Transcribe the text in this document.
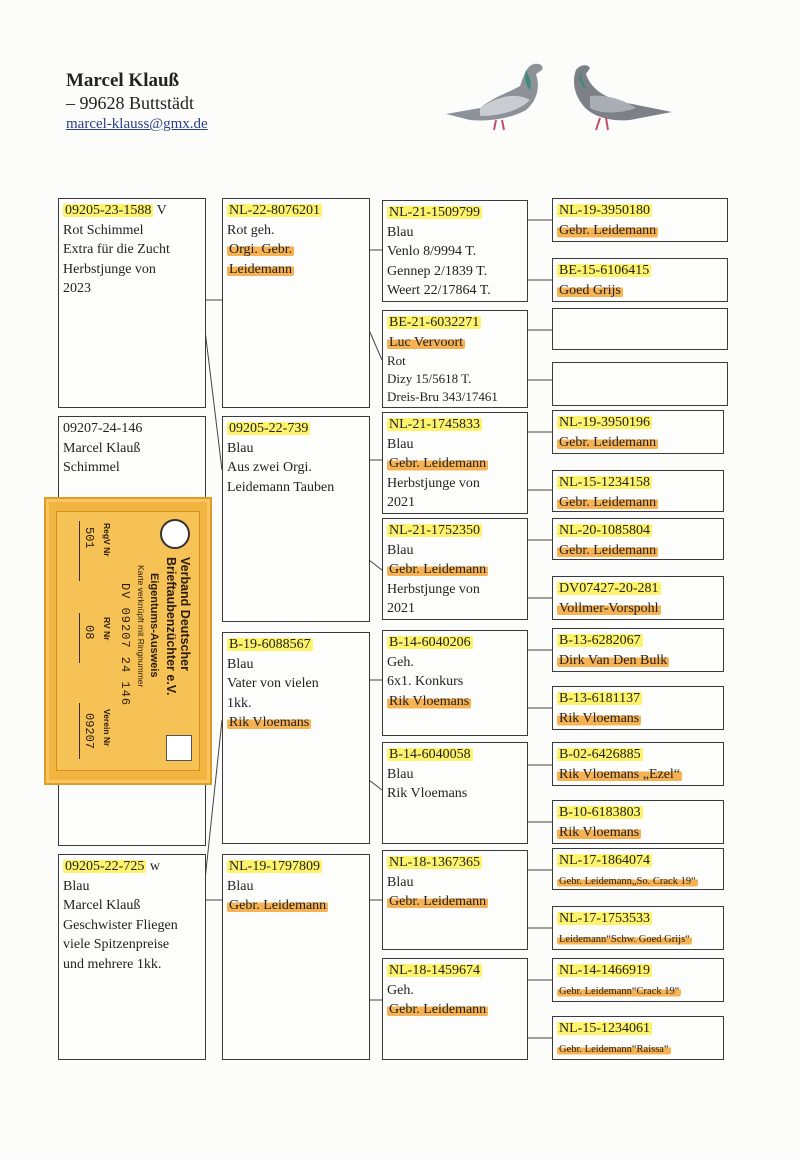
Marcel Klauß
– 99628 Buttstädt
marcel-klauss@gmx.de
09205-23-1588 V
Rot Schimmel
Extra für die Zucht
Herbstjunge von
2023
09207-24-146
Marcel Klauß
Schimmel
09205-22-725 w
Blau
Marcel Klauß
Geschwister Fliegen
viele Spitzenpreise
und mehrere 1kk.
NL-22-8076201
Rot geh.
Orgi. Gebr.
Leidemann
09205-22-739
Blau
Aus zwei Orgi.
Leidemann Tauben
B-19-6088567
Blau
Vater von vielen
1kk.
Rik Vloemans
NL-19-1797809
Blau
Gebr. Leidemann
NL-21-1509799
Blau
Venlo 8/9994 T.
Gennep 2/1839 T.
Weert 22/17864 T.
BE-21-6032271
Luc Vervoort
Rot
Dizy 15/5618 T.
Dreis-Bru 343/17461
NL-21-1745833
Blau
Gebr. Leidemann
Herbstjunge von
2021
NL-21-1752350
Blau
Gebr. Leidemann
Herbstjunge von
2021
B-14-6040206
Geh.
6x1. Konkurs
Rik Vloemans
B-14-6040058
Blau
Rik Vloemans
NL-18-1367365
Blau
Gebr. Leidemann
NL-18-1459674
Geh.
Gebr. Leidemann
NL-19-3950180
Gebr. Leidemann
BE-15-6106415
Goed Grijs
NL-19-3950196
Gebr. Leidemann
NL-15-1234158
Gebr. Leidemann
NL-20-1085804
Gebr. Leidemann
DV07427-20-281
Vollmer-Vorspohl
B-13-6282067
Dirk Van Den Bulk
B-13-6181137
Rik Vloemans
B-02-6426885
Rik Vloemans „Ezel“
B-10-6183803
Rik Vloemans
NL-17-1864074
Gebr. Leidemann„So. Crack 19“
NL-17-1753533
Leidemann“Schw. Goed Grijs“
NL-14-1466919
Gebr. Leidemann“Crack 19“
NL-15-1234061
Gebr. Leidemann“Raissa“
Verband Deutscher
Brieftaubenzüchter e.V.
Eigentums-Ausweis
Karte verknüpft mit Ringnummer
DV 09207 24 146
RegV Nr
RV Nr
Verein Nr
501
08
09207
